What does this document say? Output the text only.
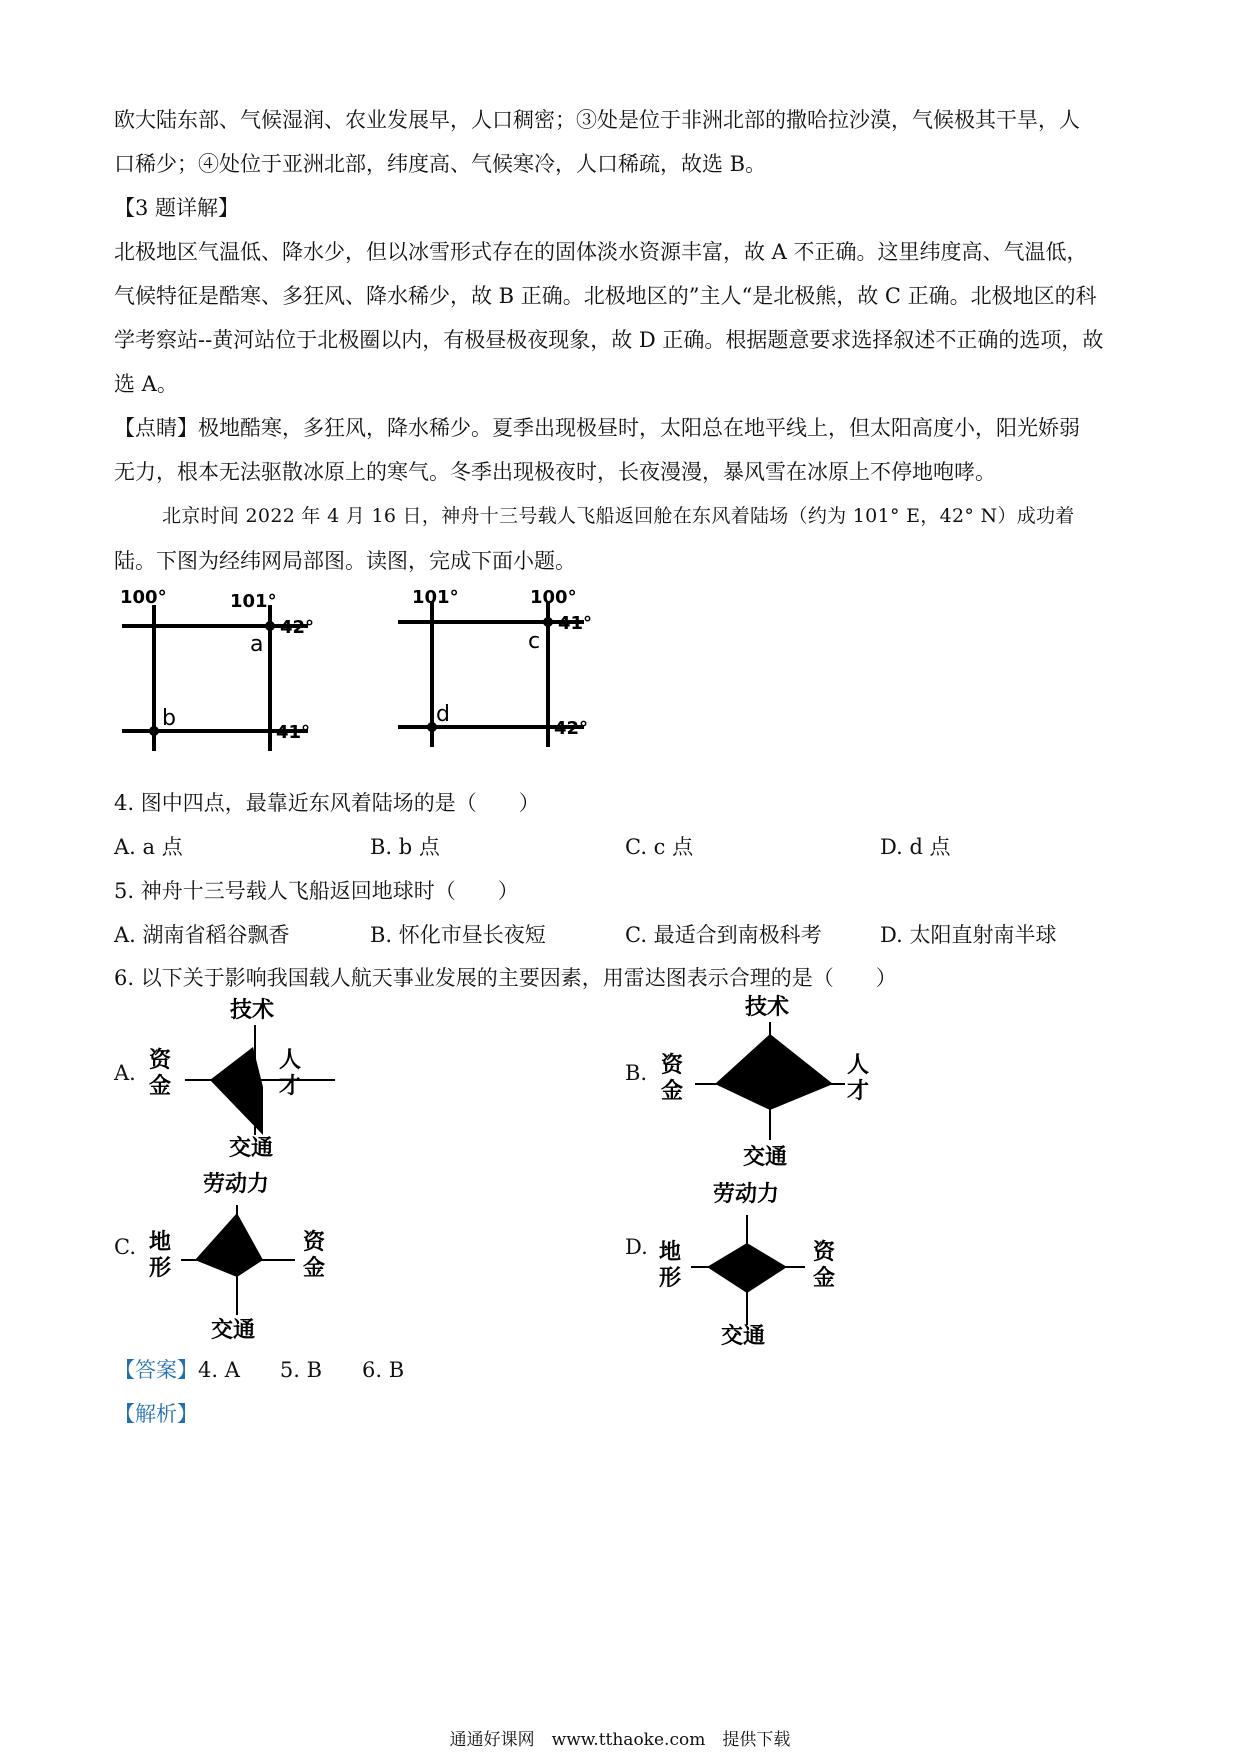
欧大陆东部、气候湿润、农业发展早，人口稠密；③处是位于非洲北部的撒哈拉沙漠，气候极其干旱，人
口稀少；④处位于亚洲北部，纬度高、气候寒冷，人口稀疏，故选 B。
【3 题详解】
北极地区气温低、降水少，但以冰雪形式存在的固体淡水资源丰富，故 A 不正确。这里纬度高、气温低，
气候特征是酷寒、多狂风、降水稀少，故 B 正确。北极地区的”主人“是北极熊，故 C 正确。北极地区的科
学考察站--黄河站位于北极圈以内，有极昼极夜现象，故 D 正确。根据题意要求选择叙述不正确的选项，故
选 A。
【点睛】极地酷寒，多狂风，降水稀少。夏季出现极昼时，太阳总在地平线上，但太阳高度小，阳光娇弱
无力，根本无法驱散冰原上的寒气。冬季出现极夜时，长夜漫漫，暴风雪在冰原上不停地咆哮。
北京时间 2022 年 4 月 16 日，神舟十三号载人飞船返回舱在东风着陆场（约为 101° E，42° N）成功着
陆。下图为经纬网局部图。读图，完成下面小题。
100°	101°
42°
41°
a
b
101°	100°
41°
42°
c
d
4. 图中四点，最靠近东风着陆场的是（　　）
A. a 点	B. b 点	C. c 点	D. d 点
5. 神舟十三号载人飞船返回地球时（　　）
A. 湖南省稻谷飘香	B. 怀化市昼长夜短	C. 最适合到南极科考	D. 太阳直射南半球
6. 以下关于影响我国载人航天事业发展的主要因素，用雷达图表示合理的是（　　）
A.
技术
资
金
人
才
交通
B.
技术
资
金
人
才
交通
C.
劳动力
地
形
资
金
交通
D.
劳动力
地
形
资
金
交通
【答案】4. A 5. B 6. B
【解析】
通通好课网　www.tthaoke.com　提供下载
